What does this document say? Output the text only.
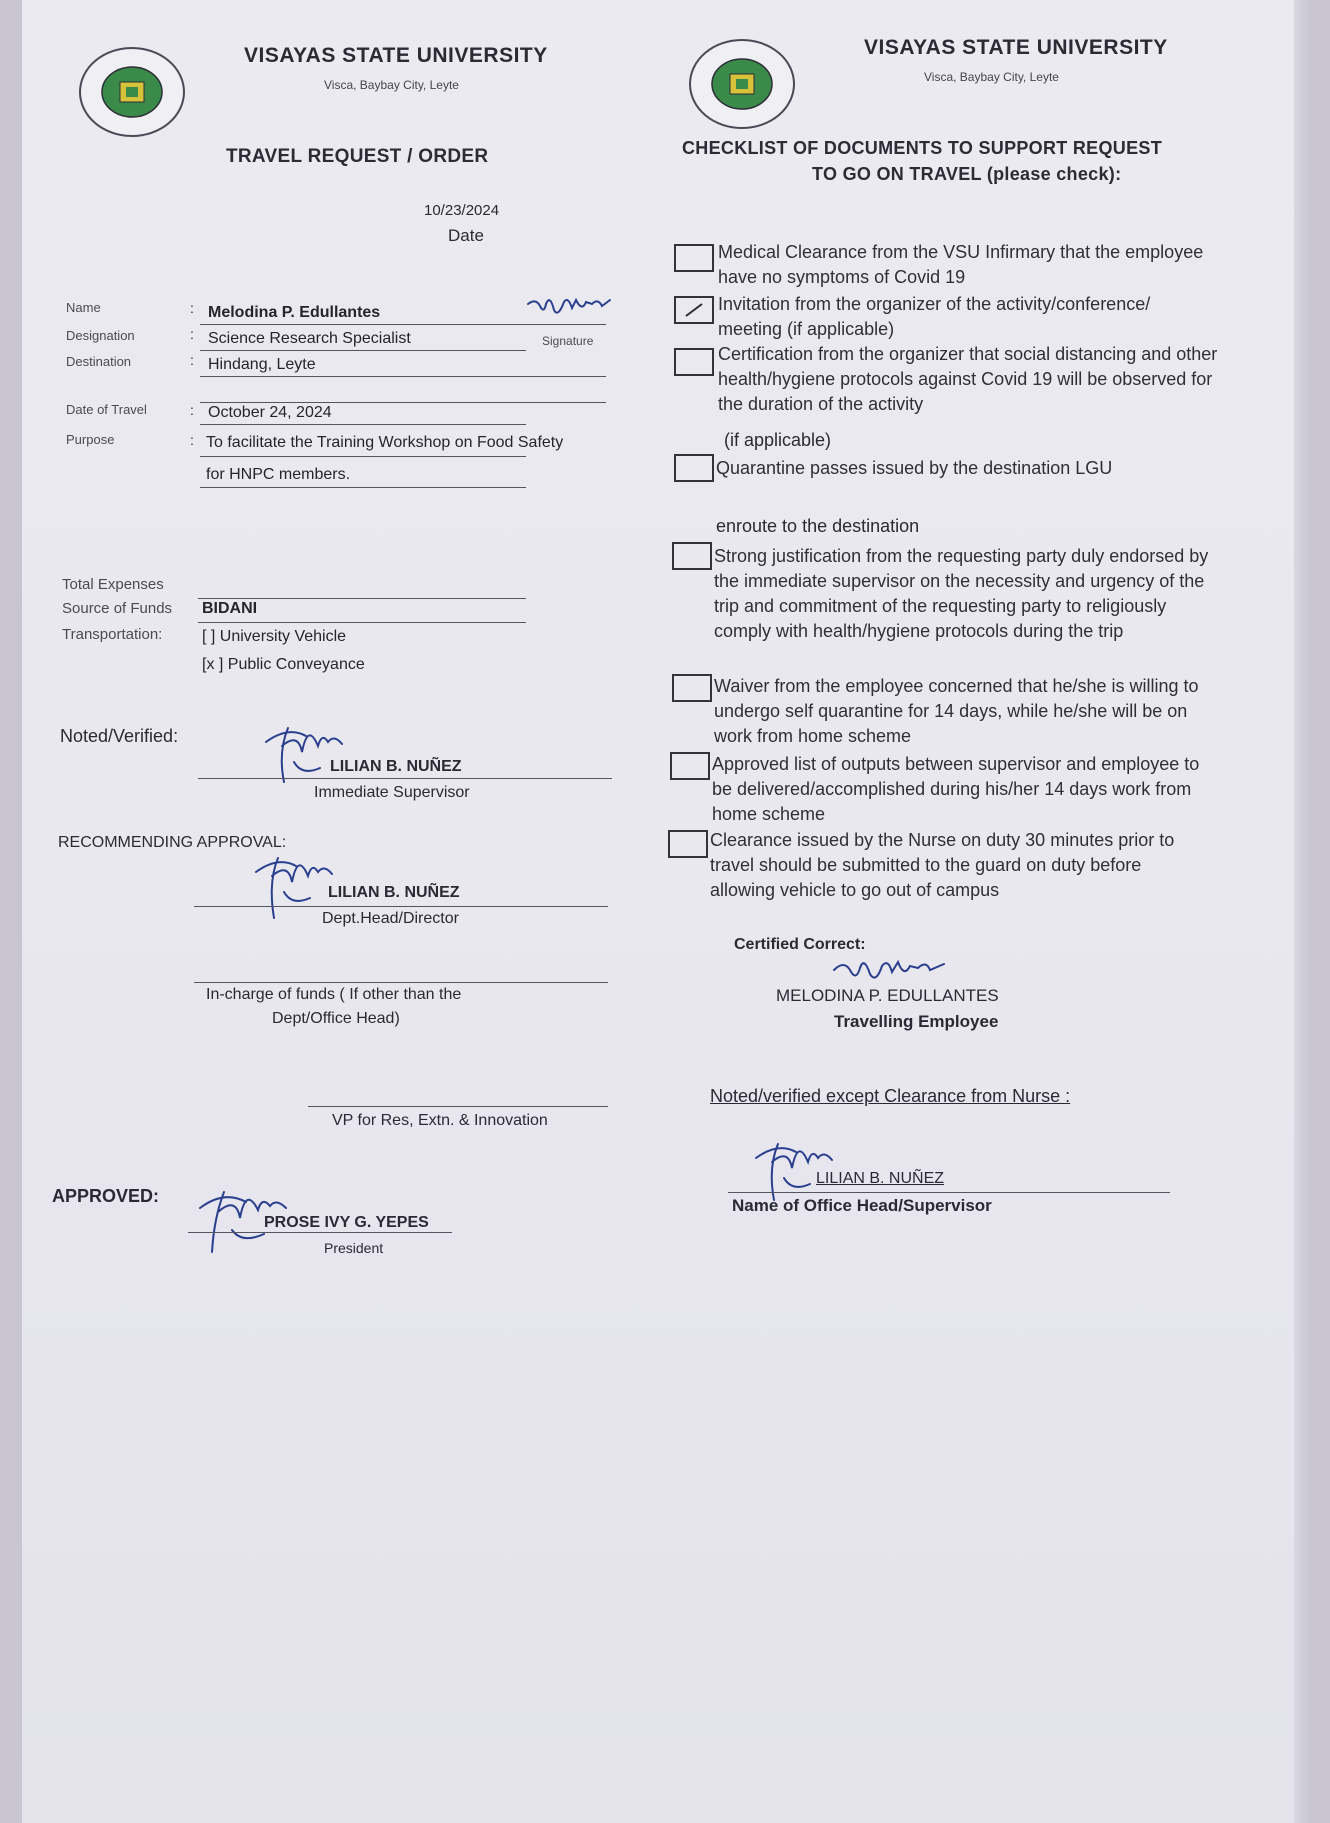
VISAYAS STATE UNIVERSITY
Visca, Baybay City, Leyte
TRAVEL REQUEST / ORDER
10/23/2024
Date
Name	: Melodina P. Edullantes
Signature
Designation	: Science Research Specialist
Destination	: Hindang, Leyte
Date of Travel	: October 24, 2024
Purpose	: To facilitate the Training Workshop on Food Safety
for HNPC members.
Total Expenses
Source of Funds BIDANI
Transportation: [ ] University Vehicle
[x ] Public Conveyance
Noted/Verified:
LILIAN B. NUÑEZ
Immediate Supervisor
RECOMMENDING APPROVAL:
LILIAN B. NUÑEZ
Dept.Head/Director
In-charge of funds ( If other than the
Dept/Office Head)
VP for Res, Extn. & Innovation
APPROVED:
PROSE IVY G. YEPES
President
VISAYAS STATE UNIVERSITY
Visca, Baybay City, Leyte
CHECKLIST OF DOCUMENTS TO SUPPORT REQUEST
TO GO ON TRAVEL (please check):
Medical Clearance from the VSU Infirmary that the employee have no symptoms of Covid 19
Invitation from the organizer of the activity/conference/ meeting (if applicable)
Certification from the organizer that social distancing and other health/hygiene protocols against Covid 19 will be observed for the duration of the activity
(if applicable)
Quarantine passes issued by the destination LGU
enroute to the destination
Strong justification from the requesting party duly endorsed by the immediate supervisor on the necessity and urgency of the trip and commitment of the requesting party to religiously comply with health/hygiene protocols during the trip
Waiver from the employee concerned that he/she is willing to undergo self quarantine for 14 days, while he/she will be on work from home scheme
Approved list of outputs between supervisor and employee to be delivered/accomplished during his/her 14 days work from home scheme
Clearance issued by the Nurse on duty 30 minutes prior to travel should be submitted to the guard on duty before allowing vehicle to go out of campus
Certified Correct:
MELODINA P. EDULLANTES
Travelling Employee
Noted/verified except Clearance from Nurse :
LILIAN B. NUÑEZ
Name of Office Head/Supervisor
